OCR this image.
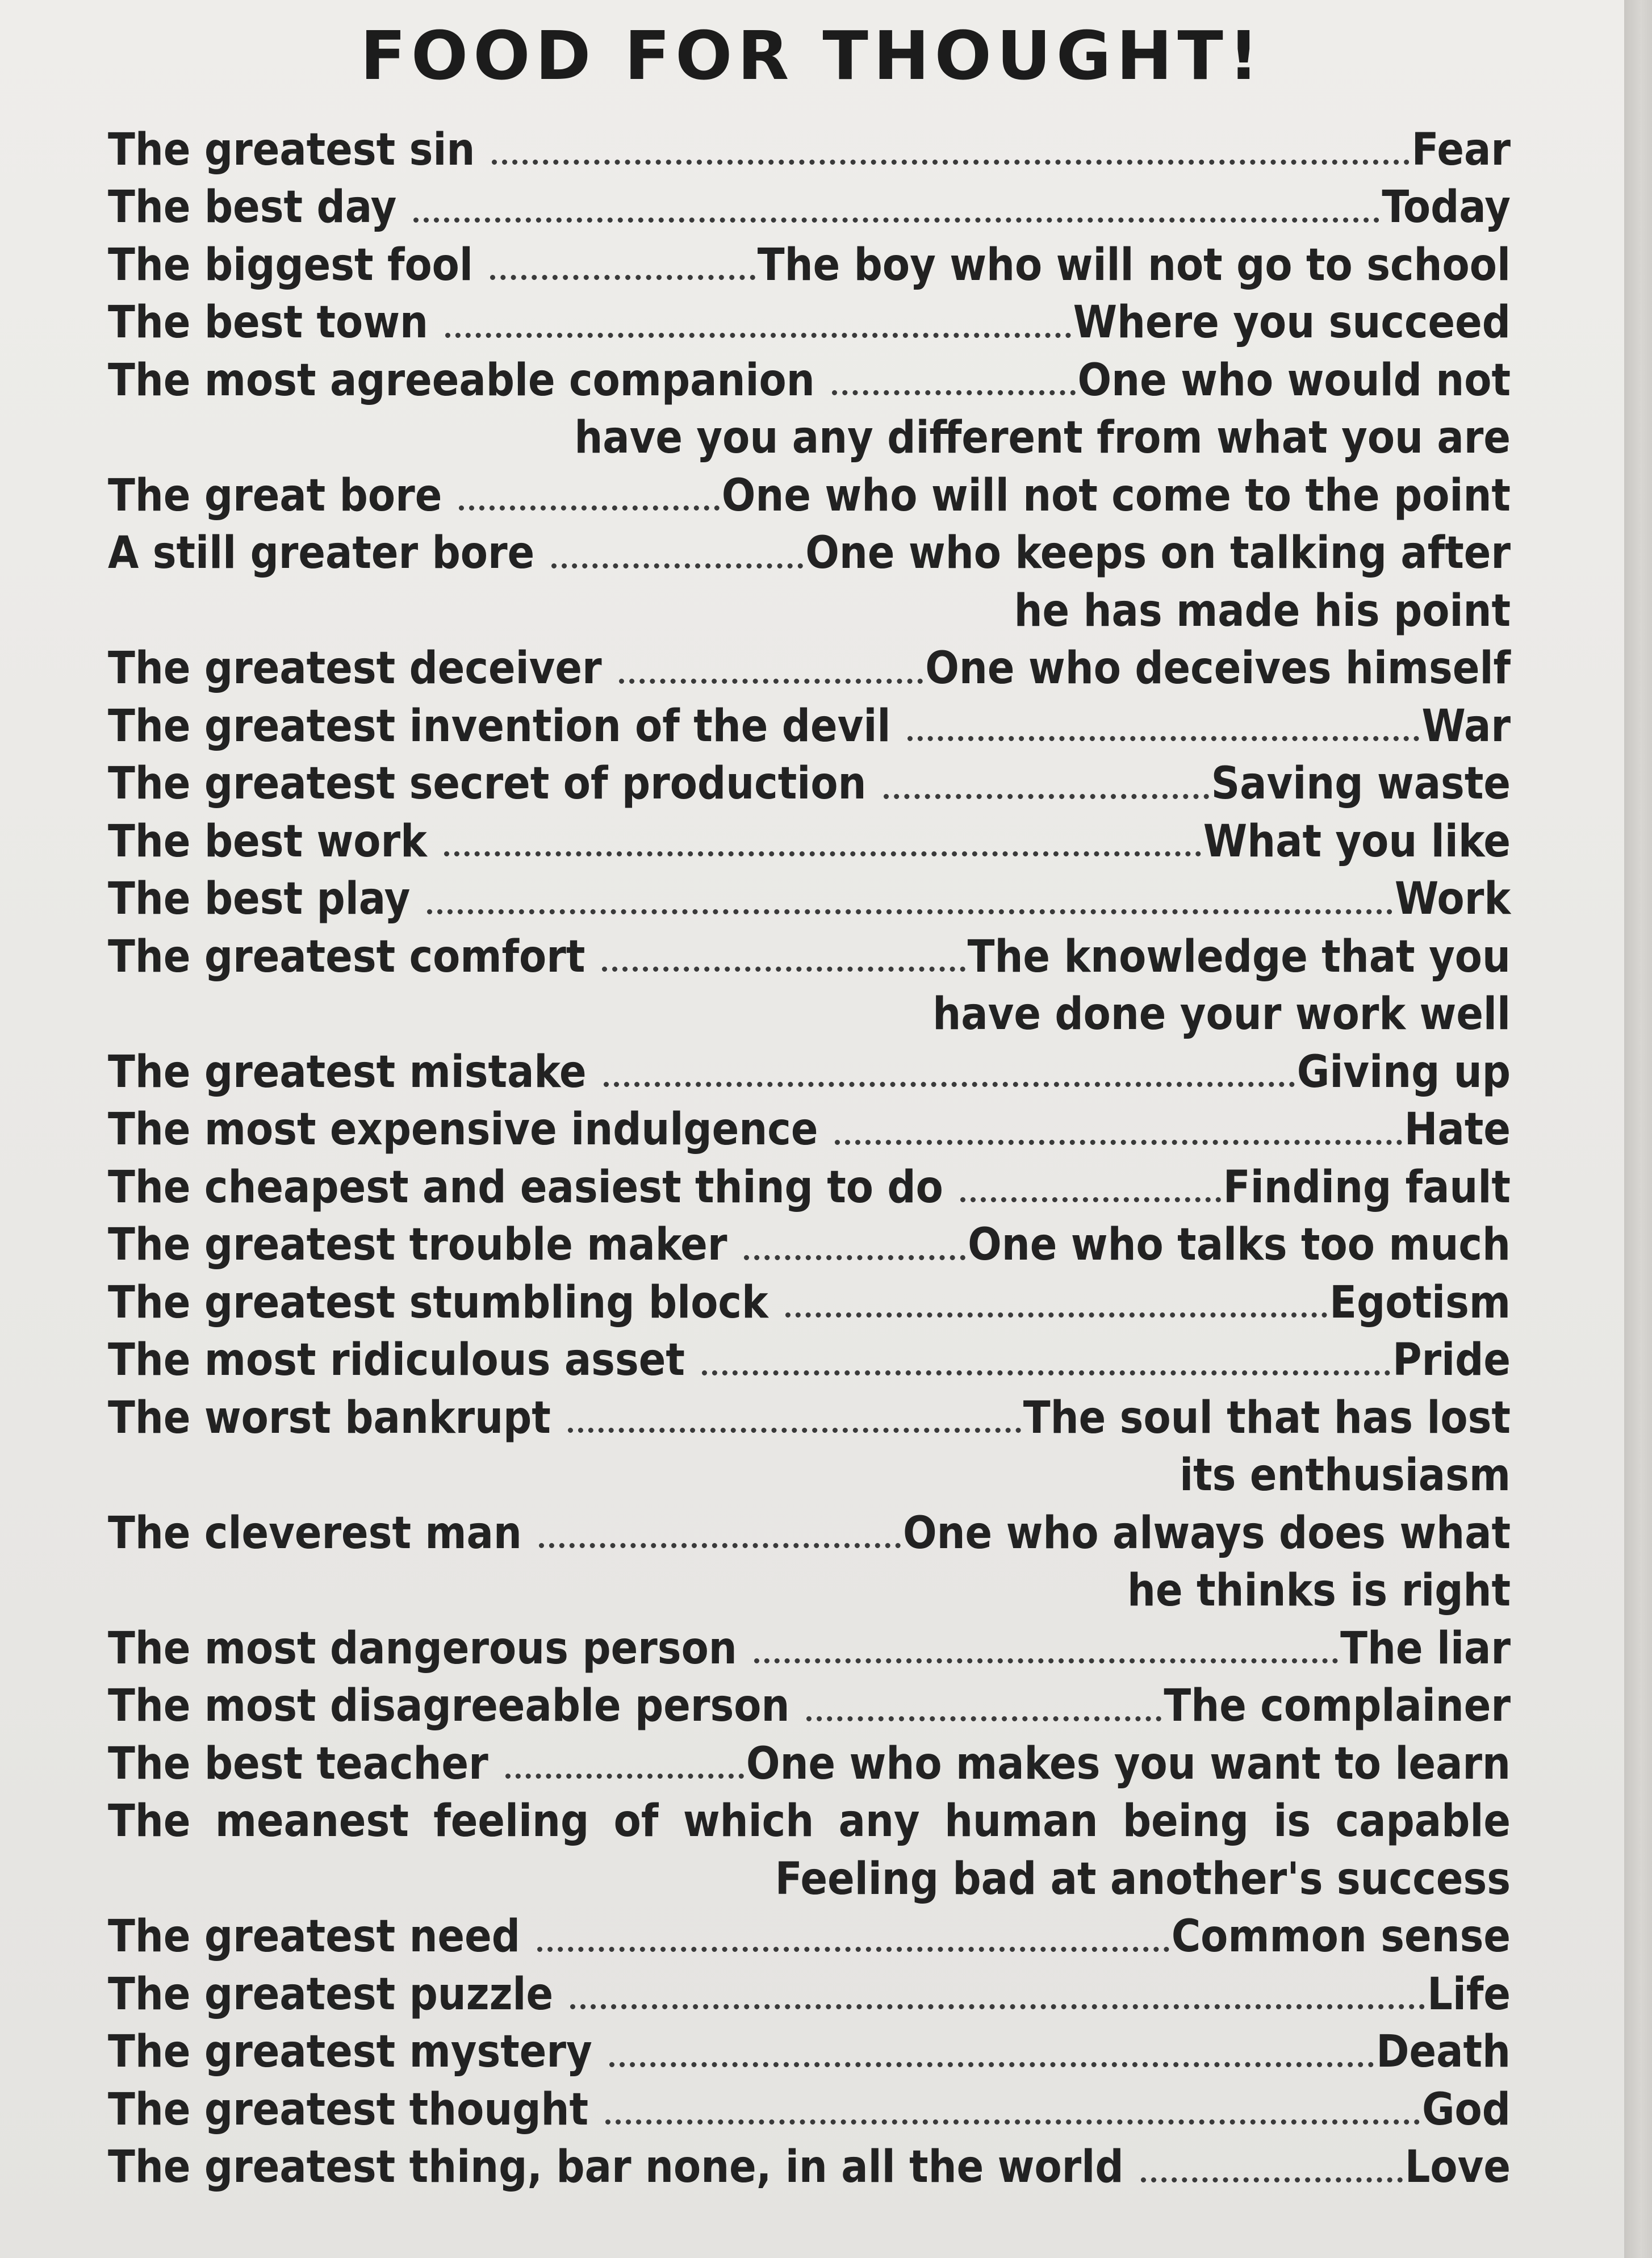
FOOD FOR THOUGHT!
The greatest sin	Fear
The best day	Today
The biggest fool	The boy who will not go to school
The best town	Where you succeed
The most agreeable companion	One who would not
have you any different from what you are
The great bore	One who will not come to the point
A still greater bore	One who keeps on talking after
he has made his point
The greatest deceiver	One who deceives himself
The greatest invention of the devil	War
The greatest secret of production	Saving waste
The best work	What you like
The best play	Work
The greatest comfort	The knowledge that you
have done your work well
The greatest mistake	Giving up
The most expensive indulgence	Hate
The cheapest and easiest thing to do	Finding fault
The greatest trouble maker	One who talks too much
The greatest stumbling block	Egotism
The most ridiculous asset	Pride
The worst bankrupt	The soul that has lost
its enthusiasm
The cleverest man	One who always does what
he thinks is right
The most dangerous person	The liar
The most disagreeable person	The complainer
The best teacher	One who makes you want to learn
The meanest feeling of which any human being is capable
Feeling bad at another's success
The greatest need	Common sense
The greatest puzzle	Life
The greatest mystery	Death
The greatest thought	God
The greatest thing, bar none, in all the world	Love
